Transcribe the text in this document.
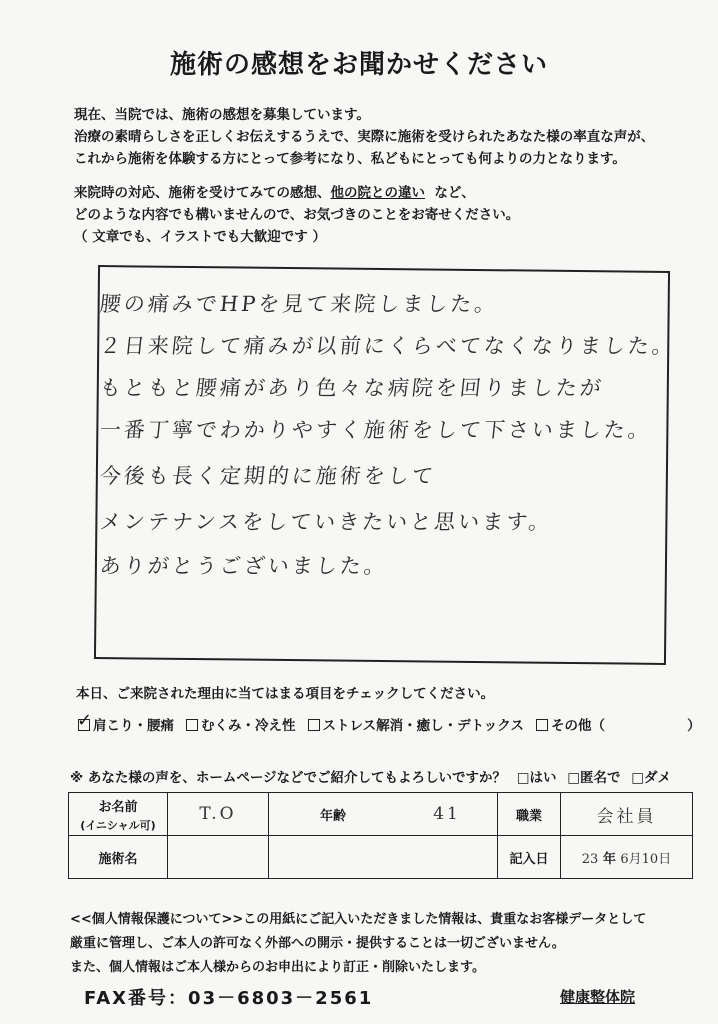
施術の感想をお聞かせください
現在、当院では、施術の感想を募集しています。
治療の素晴らしさを正しくお伝えするうえで、実際に施術を受けられたあなた様の率直な声が、
これから施術を体験する方にとって参考になり、私どもにとっても何よりの力となります。
来院時の対応、施術を受けてみての感想、他の院との違い など、
どのような内容でも構いませんので、お気づきのことをお寄せください。
（ 文章でも、イラストでも大歓迎です ）
腰の痛みでHPを見て来院しました。
２日来院して痛みが以前にくらべてなくなりました。
もともと腰痛があり色々な病院を回りましたが
一番丁寧でわかりやすく施術をして下さいました。
今後も長く定期的に施術をして
メンテナンスをしていきたいと思います。
ありがとうございました。
本日、ご来院された理由に当てはまる項目をチェックしてください。
✓ 肩こり・腰痛	むくみ・冷え性	ストレス解消・癒し・デトックス	その他（	）
※ あなた様の声を、ホームページなどでご紹介してもよろしいですか？ □はい □匿名で □ダメ
お名前
(イニシャル可)	T.O	年齢	41	職業	会社員
施術名				記入日	23 年 6月10日
<<個人情報保護について>>この用紙にご記入いただきました情報は、貴重なお客様データとして
厳重に管理し、ご本人の許可なく外部への開示・提供することは一切ございません。
また、個人情報はご本人様からのお申出により訂正・削除いたします。
FAX番号：03－6803－2561	健康整体院
